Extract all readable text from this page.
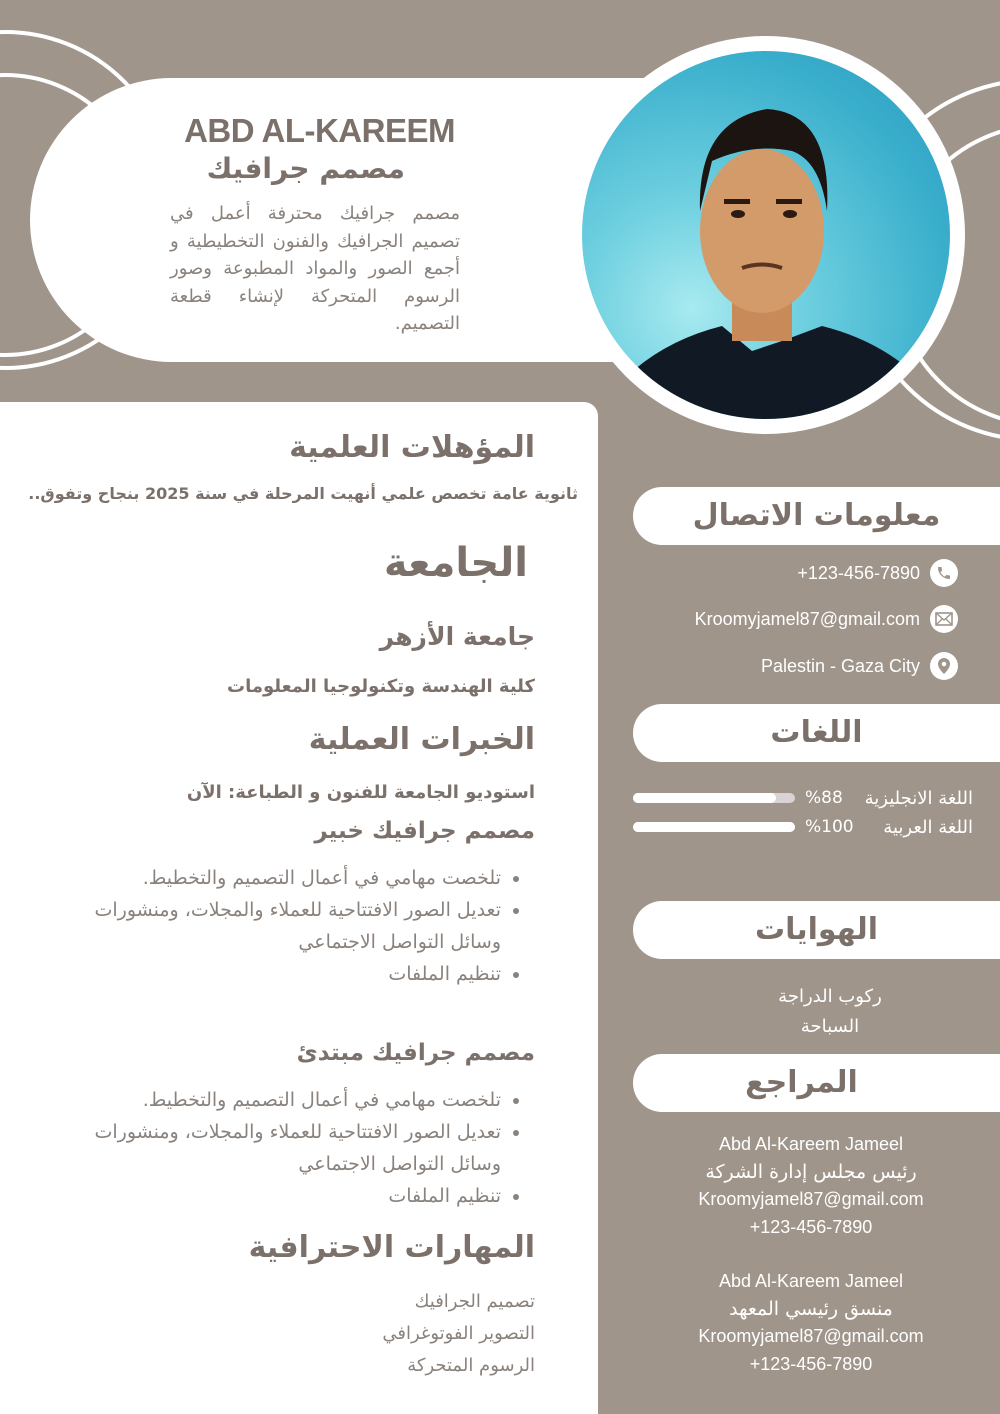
ABD AL-KAREEM
مصمم جرافيك
مصمم جرافيك محترفة أعمل في تصميم الجرافيك والفنون التخطيطية و أجمع الصور والمواد المطبوعة وصور الرسوم المتحركة لإنشاء قطعة التصميم.
المؤهلات العلمية
ثانوية عامة تخصص علمي أنهيت المرحلة في سنة 2025 بنجاح وتفوق..
الجامعة
جامعة الأزهر
كلية الهندسة وتكنولوجيا المعلومات
الخبرات العملية
استوديو الجامعة للفنون و الطباعة: الآن
مصمم جرافيك خبير
• تلخصت مهامي في أعمال التصميم والتخطيط.
• تعديل الصور الافتتاحية للعملاء والمجلات، ومنشورات وسائل التواصل الاجتماعي
• تنظيم الملفات
مصمم جرافيك مبتدئ
• تلخصت مهامي في أعمال التصميم والتخطيط.
• تعديل الصور الافتتاحية للعملاء والمجلات، ومنشورات وسائل التواصل الاجتماعي
• تنظيم الملفات
المهارات الاحترافية
تصميم الجرافيك
التصوير الفوتوغرافي
الرسوم المتحركة
معلومات الاتصال
+123-456-7890
Kroomyjamel87@gmail.com
Palestin - Gaza City
اللغات
%88	اللغة الانجليزية
%100	اللغة العربية
الهوايات
ركوب الدراجة
السباحة
المراجع
Abd Al-Kareem Jameel
رئيس مجلس إدارة الشركة
Kroomyjamel87@gmail.com
+123-456-7890
Abd Al-Kareem Jameel
منسق رئيسي المعهد
Kroomyjamel87@gmail.com
+123-456-7890
